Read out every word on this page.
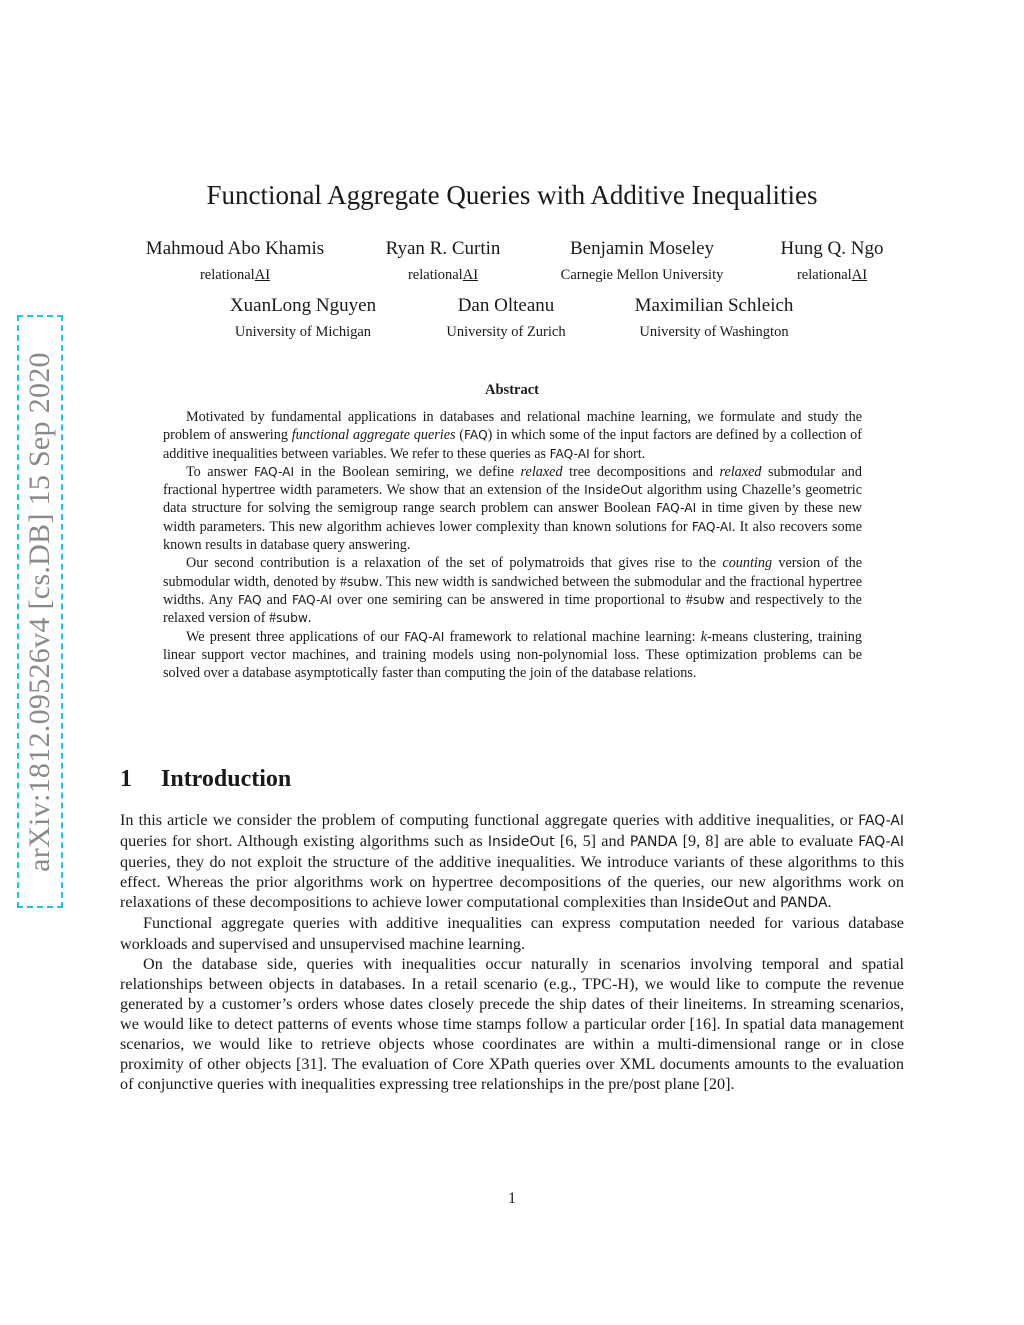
arXiv:1812.09526v4 [cs.DB] 15 Sep 2020
Functional Aggregate Queries with Additive Inequalities
Mahmoud Abo Khamis
relationalAI
Ryan R. Curtin
relationalAI
Benjamin Moseley
Carnegie Mellon University
Hung Q. Ngo
relationalAI
XuanLong Nguyen
University of Michigan
Dan Olteanu
University of Zurich
Maximilian Schleich
University of Washington
Abstract

Motivated by fundamental applications in databases and relational machine learning, we formulate and study the problem of answering functional aggregate queries (FAQ) in which some of the input factors are defined by a collection of additive inequalities between variables. We refer to these queries as FAQ-AI for short.

To answer FAQ-AI in the Boolean semiring, we define relaxed tree decompositions and relaxed submodular and fractional hypertree width parameters. We show that an extension of the InsideOut algorithm using Chazelle’s geometric data structure for solving the semigroup range search problem can answer Boolean FAQ-AI in time given by these new width parameters. This new algorithm achieves lower complexity than known solutions for FAQ-AI. It also recovers some known results in database query answering.

Our second contribution is a relaxation of the set of polymatroids that gives rise to the counting version of the submodular width, denoted by #subw. This new width is sandwiched between the submodular and the fractional hypertree widths. Any FAQ and FAQ-AI over one semiring can be answered in time proportional to #subw and respectively to the relaxed version of #subw.

We present three applications of our FAQ-AI framework to relational machine learning: k-means clustering, training linear support vector machines, and training models using non-polynomial loss. These optimization problems can be solved over a database asymptotically faster than computing the join of the database relations.

1 Introduction

In this article we consider the problem of computing functional aggregate queries with additive inequalities, or FAQ-AI queries for short. Although existing algorithms such as InsideOut [6, 5] and PANDA [9, 8] are able to evaluate FAQ-AI queries, they do not exploit the structure of the additive inequalities. We introduce variants of these algorithms to this effect. Whereas the prior algorithms work on hypertree decompositions of the queries, our new algorithms work on relaxations of these decompositions to achieve lower computational complexities than InsideOut and PANDA.

Functional aggregate queries with additive inequalities can express computation needed for various database workloads and supervised and unsupervised machine learning.

On the database side, queries with inequalities occur naturally in scenarios involving temporal and spatial relationships between objects in databases. In a retail scenario (e.g., TPC-H), we would like to compute the revenue generated by a customer’s orders whose dates closely precede the ship dates of their lineitems. In streaming scenarios, we would like to detect patterns of events whose time stamps follow a particular order [16]. In spatial data management scenarios, we would like to retrieve objects whose coordinates are within a multi-dimensional range or in close proximity of other objects [31]. The evaluation of Core XPath queries over XML documents amounts to the evaluation of conjunctive queries with inequalities expressing tree relationships in the pre/post plane [20].

1
